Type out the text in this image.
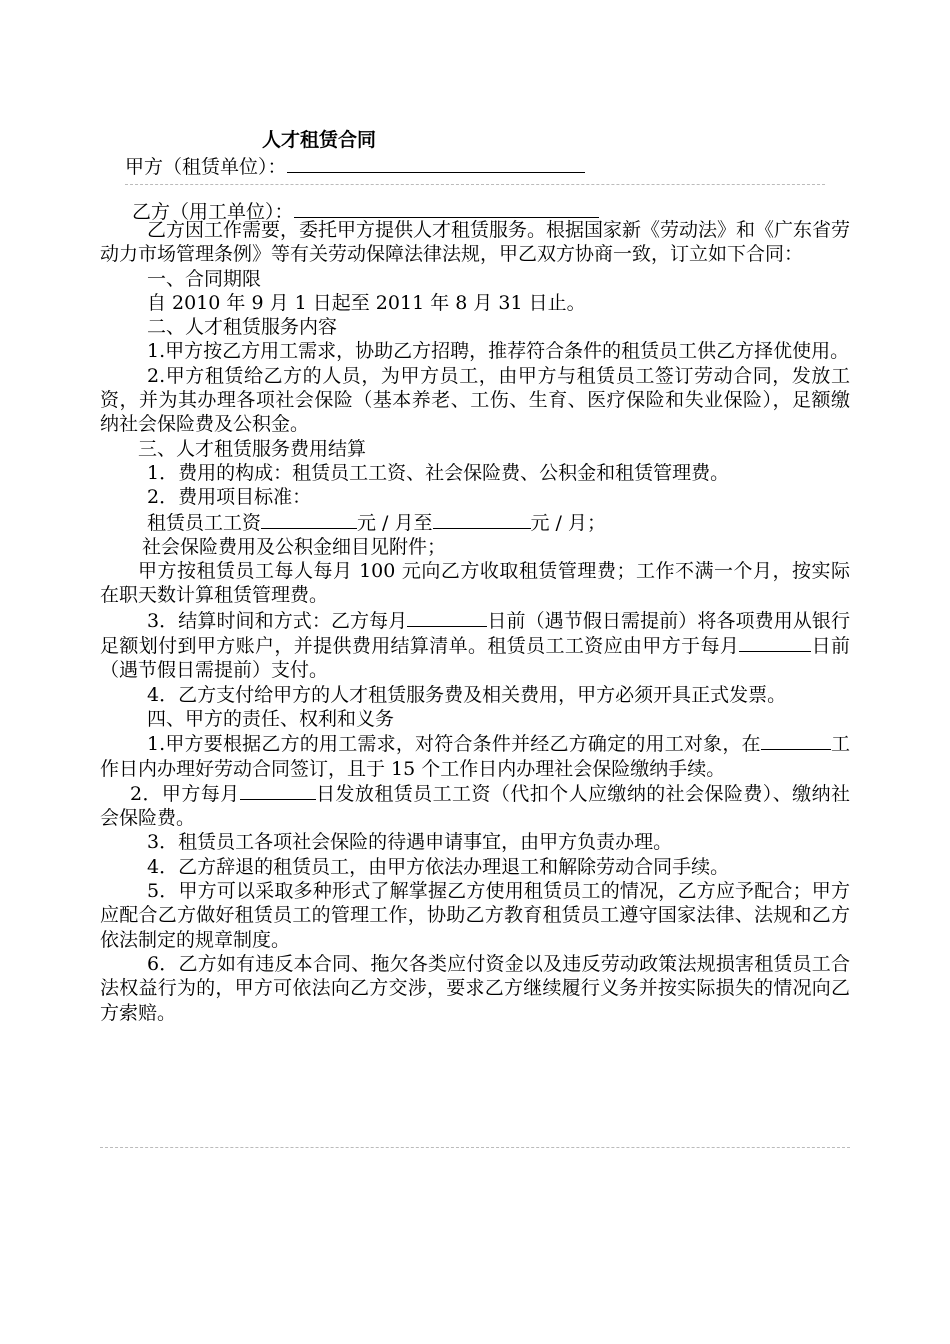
人才租赁合同
甲方（租赁单位）：
乙方（用工单位）：

乙方因工作需要，委托甲方提供人才租赁服务。根据国家新《劳动法》和《广东省劳动力市场管理条例》等有关劳动保障法律法规，甲乙双方协商一致，订立如下合同：

一、合同期限

自 2010 年 9 月 1 日起至 2011 年 8 月 31 日止。

二、人才租赁服务内容

1.甲方按乙方用工需求，协助乙方招聘，推荐符合条件的租赁员工供乙方择优使用。

2.甲方租赁给乙方的人员，为甲方员工，由甲方与租赁员工签订劳动合同，发放工资，并为其办理各项社会保险（基本养老、工伤、生育、医疗保险和失业保险），足额缴纳社会保险费及公积金。

三、人才租赁服务费用结算

1．费用的构成：租赁员工工资、社会保险费、公积金和租赁管理费。

2．费用项目标准：

租赁员工工资	元 / 月至	元 / 月；

社会保险费用及公积金细目见附件；

甲方按租赁员工每人每月 100 元向乙方收取租赁管理费；工作不满一个月，按实际在职天数计算租赁管理费。

3．结算时间和方式：乙方每月	日前（遇节假日需提前）将各项费用从银行足额划付到甲方账户，并提供费用结算清单。租赁员工工资应由甲方于每月	日前（遇节假日需提前）支付。

4．乙方支付给甲方的人才租赁服务费及相关费用，甲方必须开具正式发票。

四、甲方的责任、权利和义务

1.甲方要根据乙方的用工需求，对符合条件并经乙方确定的用工对象，在	工作日内办理好劳动合同签订，且于 15 个工作日内办理社会保险缴纳手续。

2．甲方每月	日发放租赁员工工资（代扣个人应缴纳的社会保险费）、缴纳社会保险费。

3．租赁员工各项社会保险的待遇申请事宜，由甲方负责办理。

4．乙方辞退的租赁员工，由甲方依法办理退工和解除劳动合同手续。

5．甲方可以采取多种形式了解掌握乙方使用租赁员工的情况，乙方应予配合；甲方应配合乙方做好租赁员工的管理工作，协助乙方教育租赁员工遵守国家法律、法规和乙方依法制定的规章制度。

6．乙方如有违反本合同、拖欠各类应付资金以及违反劳动政策法规损害租赁员工合法权益行为的，甲方可依法向乙方交涉，要求乙方继续履行义务并按实际损失的情况向乙方索赔。
